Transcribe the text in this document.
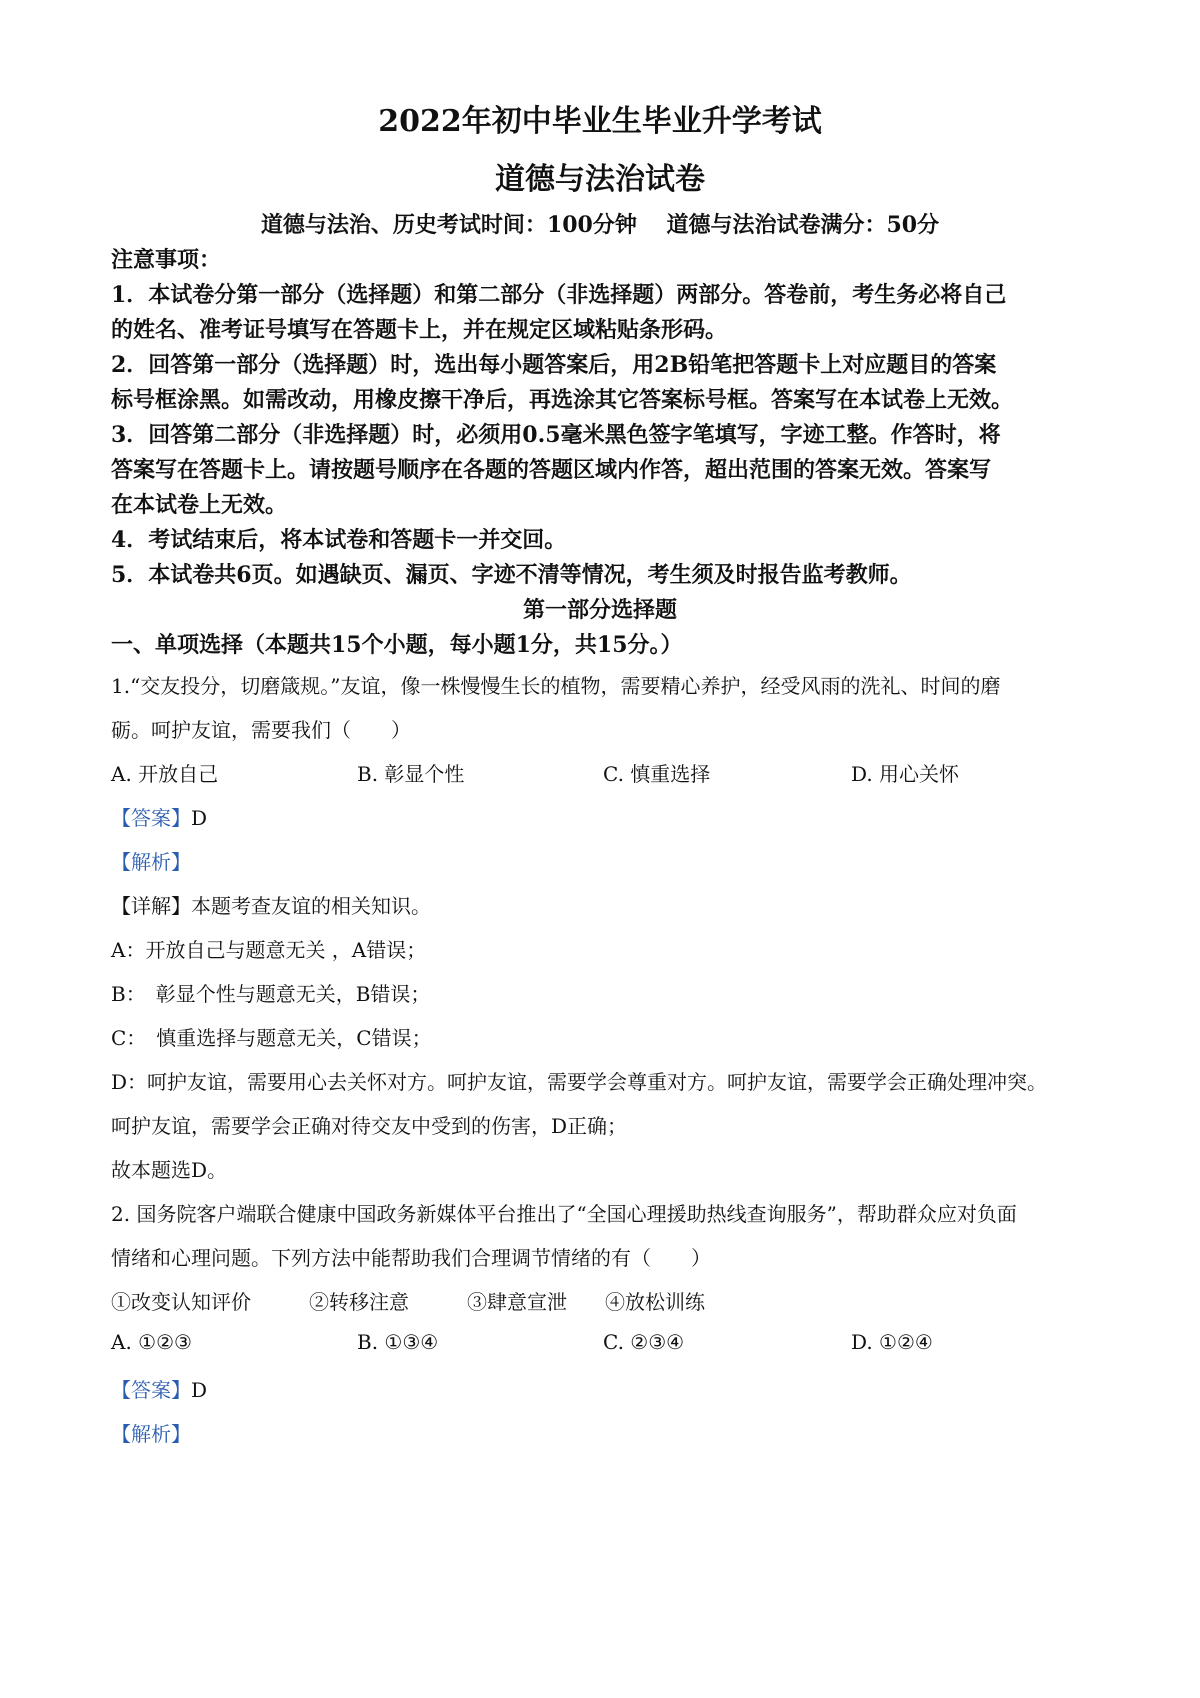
2022年初中毕业生毕业升学考试
道德与法治试卷
道德与法治、历史考试时间：100分钟　 道德与法治试卷满分：50分
注意事项：
1．本试卷分第一部分（选择题）和第二部分（非选择题）两部分。答卷前，考生务必将自己
的姓名、准考证号填写在答题卡上，并在规定区域粘贴条形码。
2．回答第一部分（选择题）时，选出每小题答案后，用2B铅笔把答题卡上对应题目的答案
标号框涂黑。如需改动，用橡皮擦干净后，再选涂其它答案标号框。答案写在本试卷上无效。
3．回答第二部分（非选择题）时，必须用0.5毫米黑色签字笔填写，字迹工整。作答时，将
答案写在答题卡上。请按题号顺序在各题的答题区域内作答，超出范围的答案无效。答案写
在本试卷上无效。
4．考试结束后，将本试卷和答题卡一并交回。
5．本试卷共6页。如遇缺页、漏页、字迹不清等情况，考生须及时报告监考教师。
第一部分选择题
一、单项选择（本题共15个小题，每小题1分，共15分。）
1.“交友投分，切磨箴规。”友谊，像一株慢慢生长的植物，需要精心养护，经受风雨的洗礼、时间的磨
砺。呵护友谊，需要我们（　　）
A. 开放自己	B. 彰显个性	C. 慎重选择	D. 用心关怀
【答案】D
【解析】
【详解】本题考查友谊的相关知识。
A：开放自己与题意无关 ，A错误；
B：　彰显个性与题意无关，B错误；
C：　慎重选择与题意无关，C错误；
D：呵护友谊，需要用心去关怀对方。呵护友谊，需要学会尊重对方。呵护友谊，需要学会正确处理冲突。
呵护友谊，需要学会正确对待交友中受到的伤害，D正确；
故本题选D。
2. 国务院客户端联合健康中国政务新媒体平台推出了“全国心理援助热线查询服务”，帮助群众应对负面
情绪和心理问题。下列方法中能帮助我们合理调节情绪的有（　　）
①改变认知评价	②转移注意	③肆意宣泄 ④放松训练
A. ①②③	B. ①③④	C. ②③④	D. ①②④
【答案】D
【解析】
